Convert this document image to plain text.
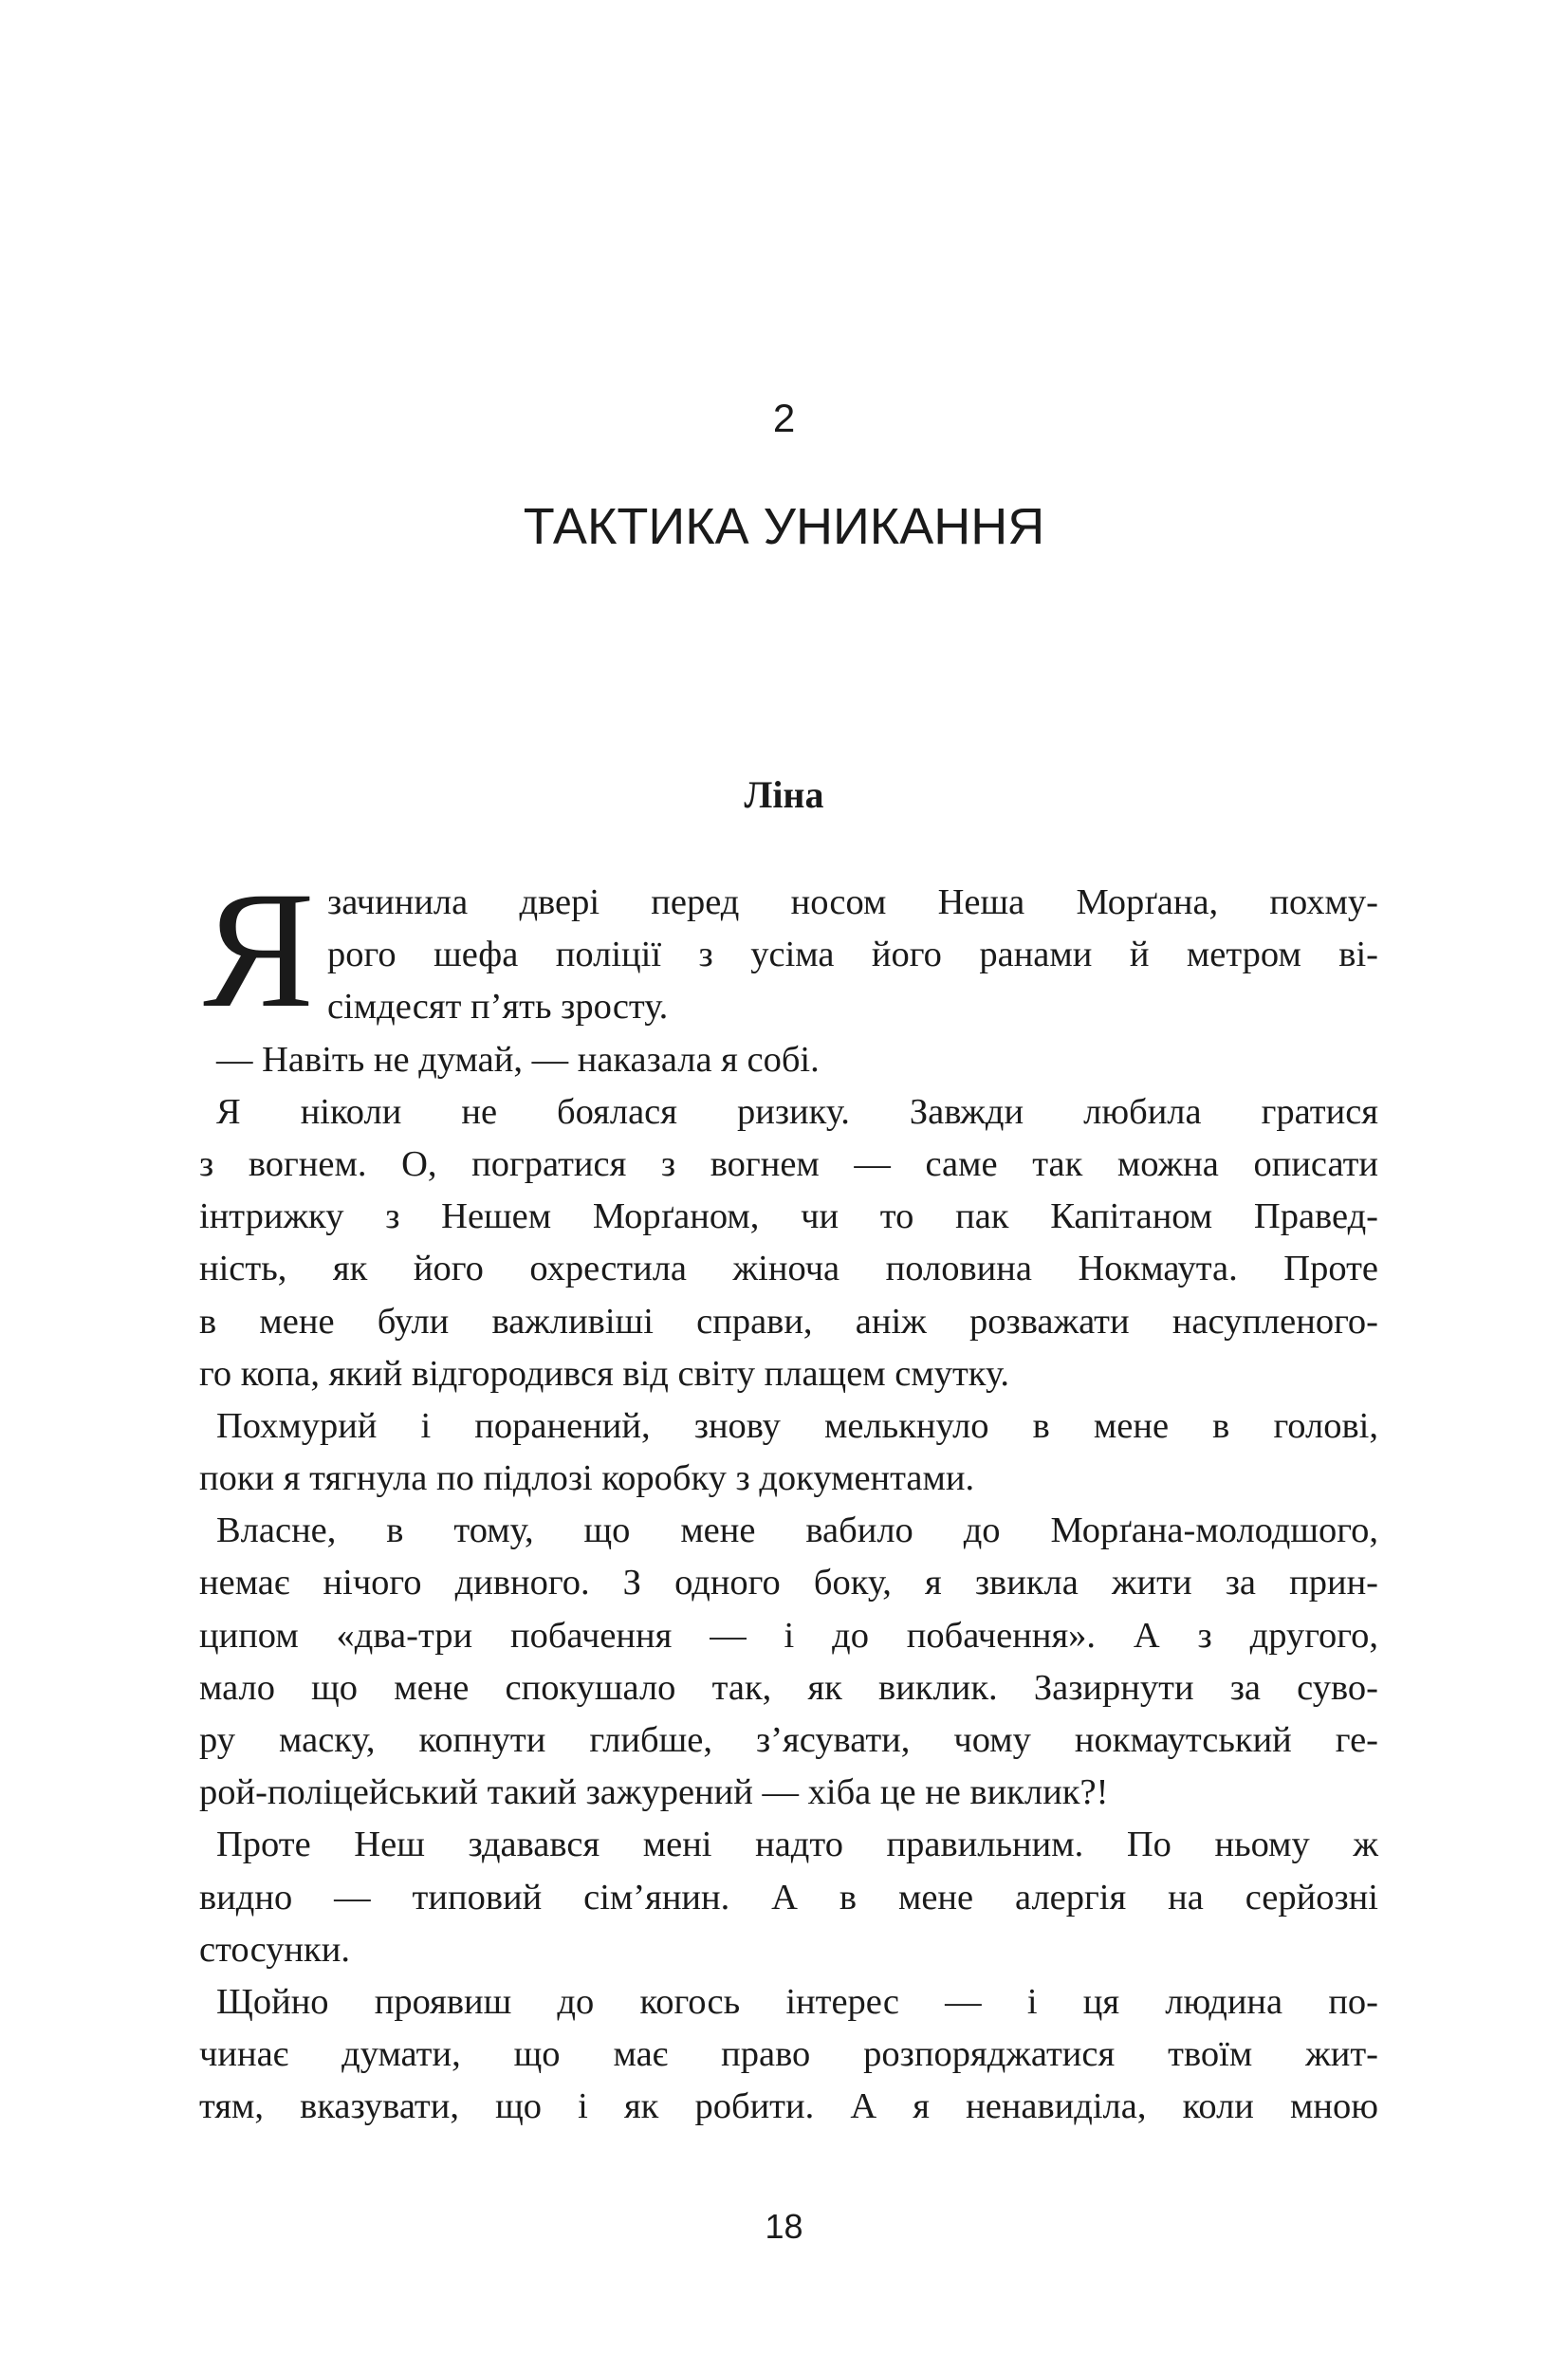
2
ТАКТИКА УНИКАННЯ
Ліна
Я зачинила двері перед носом Неша Морґана, похму-
рого шефа поліції з усіма його ранами й метром ві-
сімдесят п’ять зросту.
— Навіть не думай, — наказала я собі.
Я ніколи не боялася ризику. Завжди любила гратися
з вогнем. О, погратися з вогнем — саме так можна описати
інтрижку з Нешем Морґаном, чи то пак Капітаном Правед-
ність, як його охрестила жіноча половина Нокмаута. Проте
в мене були важливіші справи, аніж розважати насупленого-
го копа, який відгородився від світу плащем смутку.
Похмурий і поранений, знову мелькнуло в мене в голові,
поки я тягнула по підлозі коробку з документами.
Власне, в тому, що мене вабило до Морґана-молодшого,
немає нічого дивного. З одного боку, я звикла жити за прин-
ципом «два-три побачення — і до побачення». А з другого,
мало що мене спокушало так, як виклик. Зазирнути за суво-
ру маску, копнути глибше, з’ясувати, чому нокмаутський ге-
рой-поліцейський такий зажурений — хіба це не виклик?!
Проте Неш здавався мені надто правильним. По ньому ж
видно — типовий сім’янин. А в мене алергія на серйозні
стосунки.
Щойно проявиш до когось інтерес — і ця людина по-
чинає думати, що має право розпоряджатися твоїм жит-
тям, вказувати, що і як робити. А я ненавиділа, коли мною
18
